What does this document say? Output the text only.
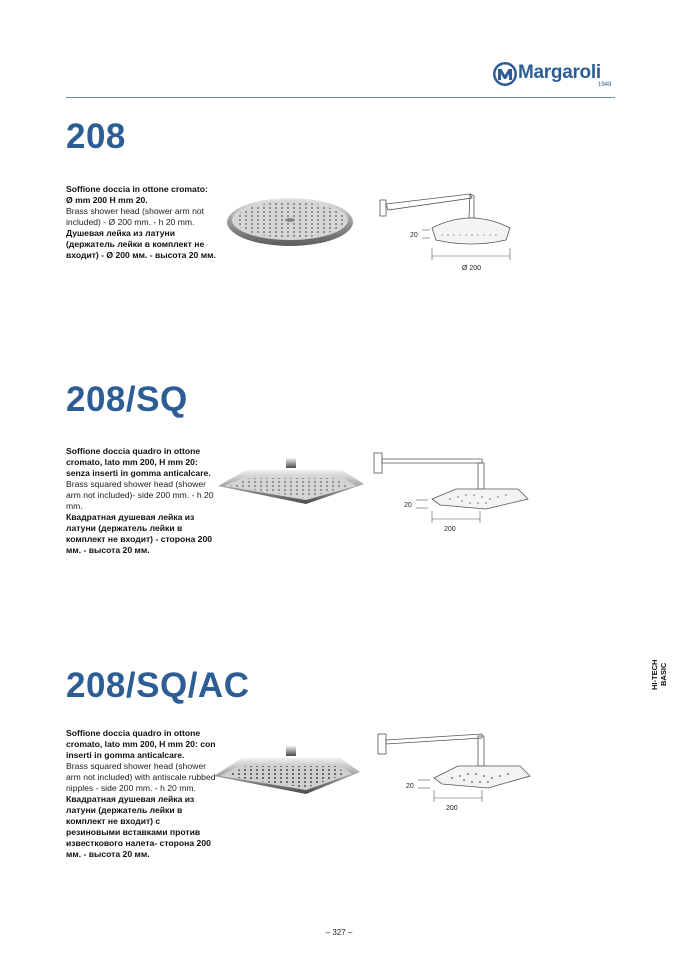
Margaroli
1949
208

Soffione doccia in ottone cromato: Ø mm 200 H mm 20.

Brass shower head (shower arm not included) - Ø 200 mm. - h 20 mm.

Душевая лейка из латуни (держатель лейки в комплект не входит) - Ø 200 мм. - высота 20 мм.

20
Ø 200
208/SQ

Soffione doccia quadro in ottone cromato, lato mm 200, H mm 20: senza inserti in gomma anticalcare.

Brass squared shower head (shower arm not included)- side 200 mm. - h 20 mm.

Квадратная душевая лейка из латуни (держатель лейки в комплект не входит) - сторона 200 мм. - высота 20 мм.

20
200
208/SQ/AC

Soffione doccia quadro in ottone cromato, lato mm 200, H mm 20: con inserti in gomma anticalcare.

Brass squared shower head (shower arm not included) with antiscale rubbed nipples - side 200 mm. - h 20 mm.

Квадратная душевая лейка из латуни (держатель лейки в комплект не входит) с резиновыми вставками против известкового налета- сторона 200 мм. - высота 20 мм.

20
200
HI-TECH BASIC
– 327 –
